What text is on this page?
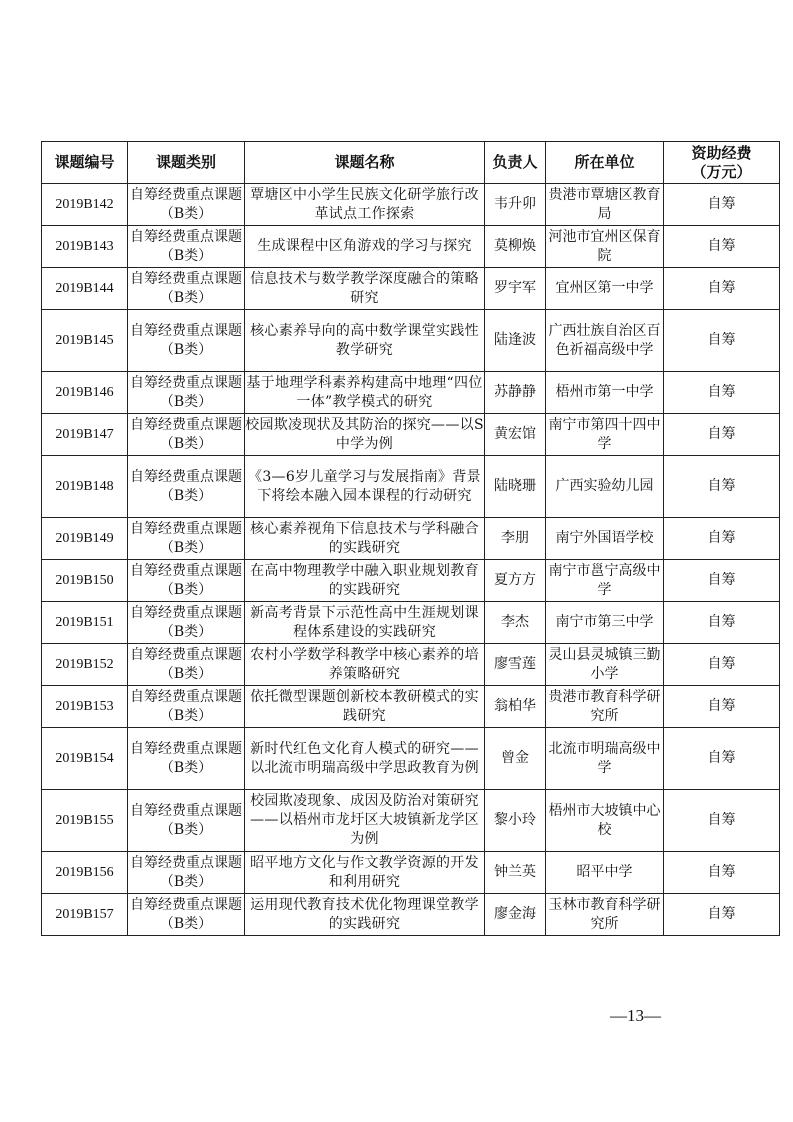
课题编号	课题类别	课题名称	负责人	所在单位	资助经费
（万元）
2019B142	自筹经费重点课题（B类）	覃塘区中小学生民族文化研学旅行改革试点工作探索	韦升卯	贵港市覃塘区教育局	自筹
2019B143	自筹经费重点课题（B类）	生成课程中区角游戏的学习与探究	莫柳焕	河池市宜州区保育院	自筹
2019B144	自筹经费重点课题（B类）	信息技术与数学教学深度融合的策略研究	罗宇军	宜州区第一中学	自筹
2019B145	自筹经费重点课题（B类）	核心素养导向的高中数学课堂实践性教学研究	陆逢波	广西壮族自治区百色祈福高级中学	自筹
2019B146	自筹经费重点课题（B类）	基于地理学科素养构建高中地理“四位一体”教学模式的研究	苏静静	梧州市第一中学	自筹
2019B147	自筹经费重点课题（B类）	校园欺凌现状及其防治的探究——以S中学为例	黄宏馆	南宁市第四十四中学	自筹
2019B148	自筹经费重点课题（B类）	《3—6岁儿童学习与发展指南》背景下将绘本融入园本课程的行动研究	陆晓珊	广西实验幼儿园	自筹
2019B149	自筹经费重点课题（B类）	核心素养视角下信息技术与学科融合的实践研究	李朋	南宁外国语学校	自筹
2019B150	自筹经费重点课题（B类）	在高中物理教学中融入职业规划教育的实践研究	夏方方	南宁市邕宁高级中学	自筹
2019B151	自筹经费重点课题（B类）	新高考背景下示范性高中生涯规划课程体系建设的实践研究	李杰	南宁市第三中学	自筹
2019B152	自筹经费重点课题（B类）	农村小学数学科教学中核心素养的培养策略研究	廖雪莲	灵山县灵城镇三勤小学	自筹
2019B153	自筹经费重点课题（B类）	依托微型课题创新校本教研模式的实践研究	翁柏华	贵港市教育科学研究所	自筹
2019B154	自筹经费重点课题（B类）	新时代红色文化育人模式的研究——以北流市明瑞高级中学思政教育为例	曾金	北流市明瑞高级中学	自筹
2019B155	自筹经费重点课题（B类）	校园欺凌现象、成因及防治对策研究——以梧州市龙圩区大坡镇新龙学区为例	黎小玲	梧州市大坡镇中心校	自筹
2019B156	自筹经费重点课题（B类）	昭平地方文化与作文教学资源的开发和利用研究	钟兰英	昭平中学	自筹
2019B157	自筹经费重点课题（B类）	运用现代教育技术优化物理课堂教学的实践研究	廖金海	玉林市教育科学研究所	自筹
—13—
